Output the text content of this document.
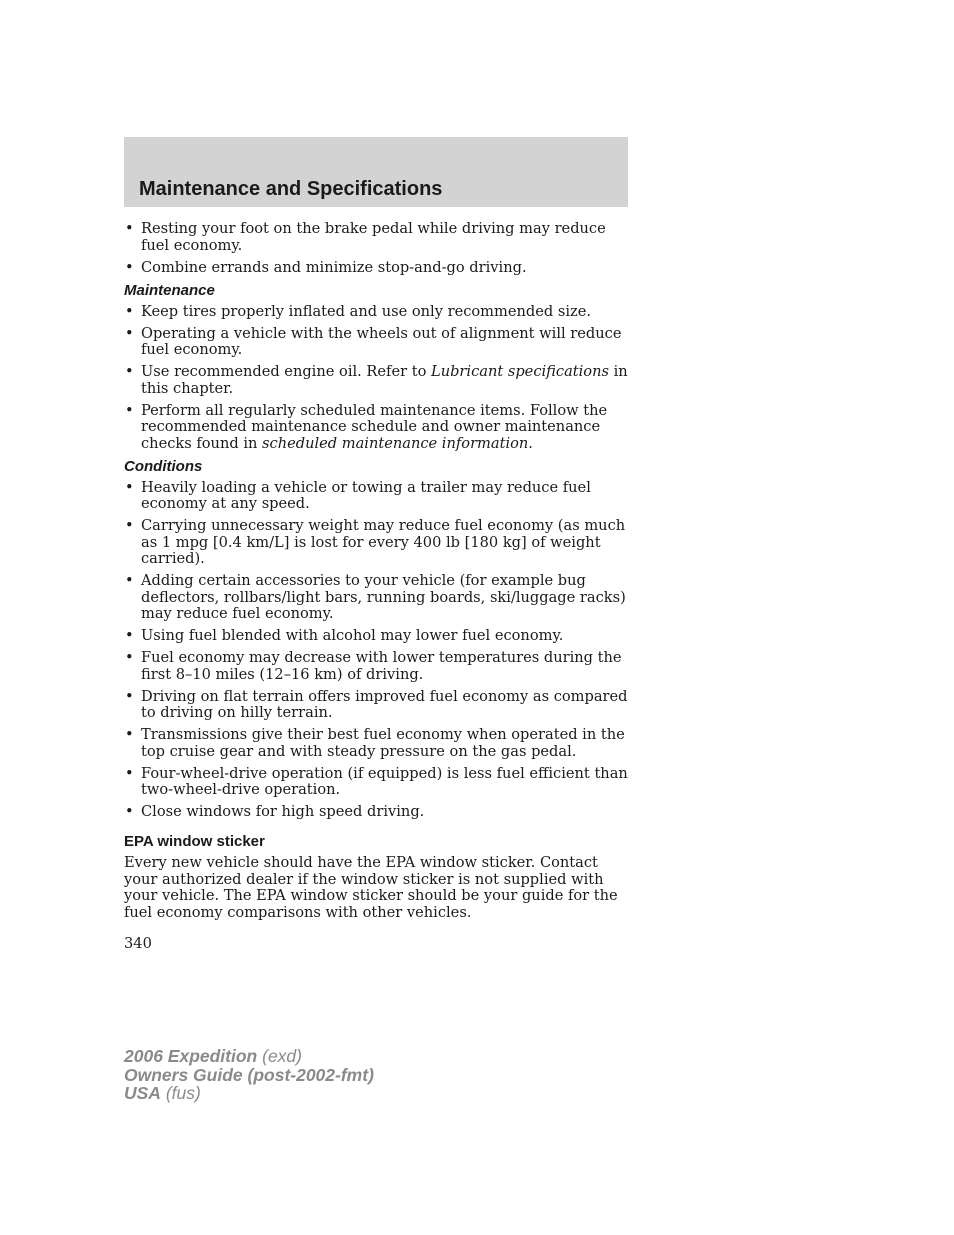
Maintenance and Specifications
• Resting your foot on the brake pedal while driving may reduce fuel economy.
• Combine errands and minimize stop-and-go driving.
Maintenance
• Keep tires properly inflated and use only recommended size.
• Operating a vehicle with the wheels out of alignment will reduce fuel economy.
• Use recommended engine oil. Refer to Lubricant specifications in this chapter.
• Perform all regularly scheduled maintenance items. Follow the recommended maintenance schedule and owner maintenance checks found in scheduled maintenance information.
Conditions
• Heavily loading a vehicle or towing a trailer may reduce fuel economy at any speed.
• Carrying unnecessary weight may reduce fuel economy (as much as 1 mpg [0.4 km/L] is lost for every 400 lb [180 kg] of weight carried).
• Adding certain accessories to your vehicle (for example bug deflectors, rollbars/light bars, running boards, ski/luggage racks) may reduce fuel economy.
• Using fuel blended with alcohol may lower fuel economy.
• Fuel economy may decrease with lower temperatures during the first 8–10 miles (12–16 km) of driving.
• Driving on flat terrain offers improved fuel economy as compared to driving on hilly terrain.
• Transmissions give their best fuel economy when operated in the top cruise gear and with steady pressure on the gas pedal.
• Four-wheel-drive operation (if equipped) is less fuel efficient than two-wheel-drive operation.
• Close windows for high speed driving.
EPA window sticker

Every new vehicle should have the EPA window sticker. Contact your authorized dealer if the window sticker is not supplied with your vehicle. The EPA window sticker should be your guide for the fuel economy comparisons with other vehicles.

340
2006 Expedition (exd)
Owners Guide (post-2002-fmt)
USA (fus)
